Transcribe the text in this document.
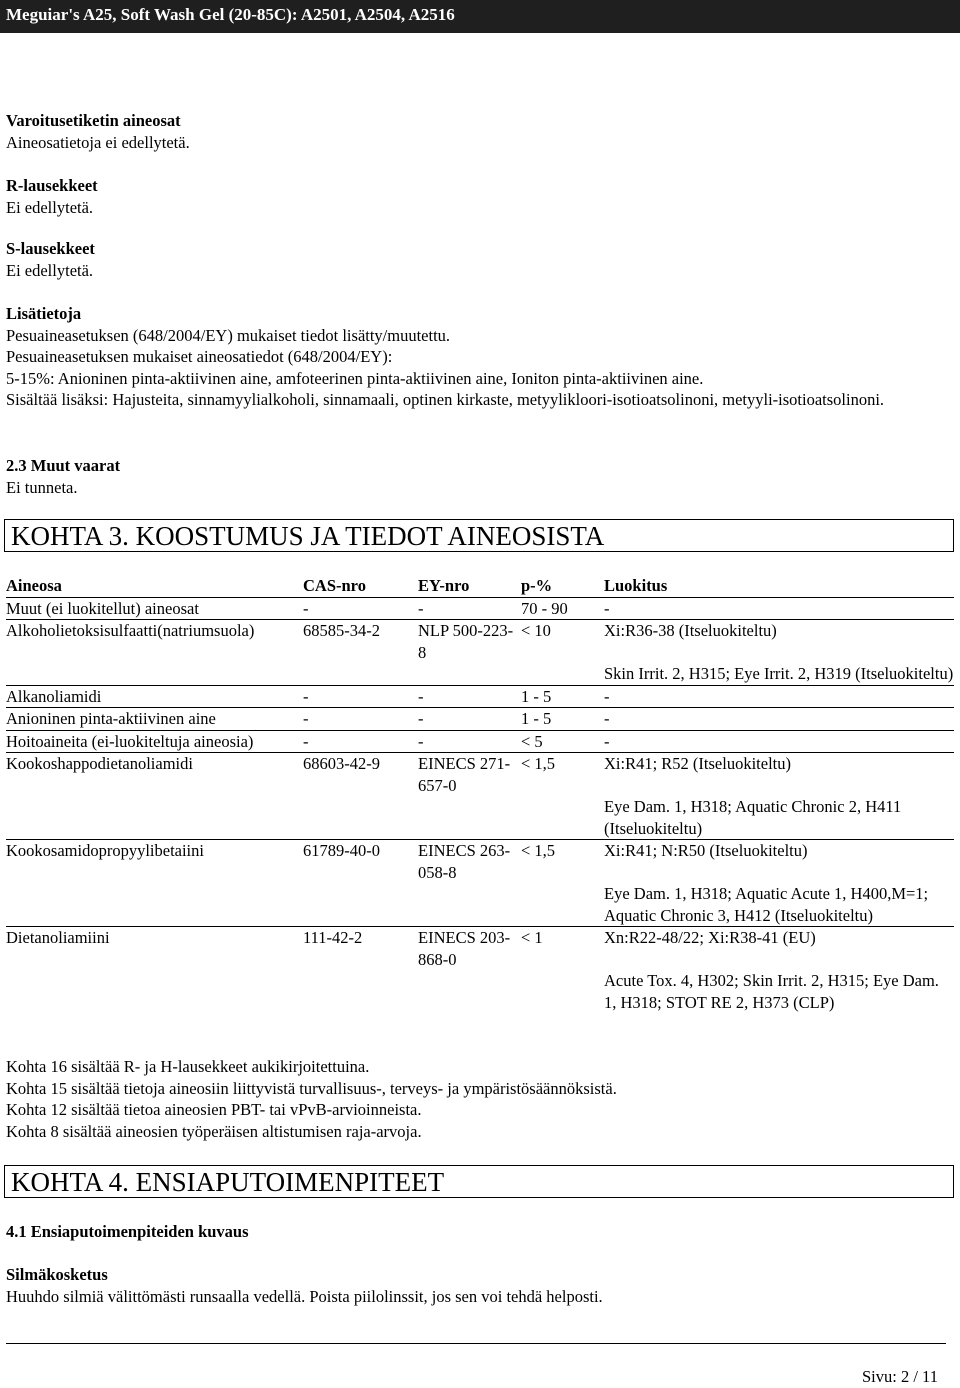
Meguiar's A25, Soft Wash Gel (20-85C): A2501, A2504, A2516

Varoitusetiketin aineosat

Aineosatietoja ei edellytetä.

R-lausekkeet

Ei edellytetä.

S-lausekkeet

Ei edellytetä.

Lisätietoja

Pesuaineasetuksen (648/2004/EY) mukaiset tiedot lisätty/muutettu.

Pesuaineasetuksen mukaiset aineosatiedot (648/2004/EY):

5-15%: Anioninen pinta-aktiivinen aine, amfoteerinen pinta-aktiivinen aine, Ioniton pinta-aktiivinen aine.

Sisältää lisäksi: Hajusteita, sinnamyylialkoholi, sinnamaali, optinen kirkaste, metyylikloori-isotioatsolinoni, metyyli-isotioatsolinoni.

2.3 Muut vaarat

Ei tunneta.

KOHTA 3. KOOSTUMUS JA TIEDOT AINEOSISTA
Aineosa	CAS-nro	EY-nro	p-%	Luokitus
Muut (ei luokitellut) aineosat	-	-	70 - 90	-
Alkoholietoksisulfaatti(natriumsuola)	68585-34-2	NLP 500-223-8	< 10	Xi:R36-38 (Itseluokiteltu)
Skin Irrit. 2, H315; Eye Irrit. 2, H319 (Itseluokiteltu)
Alkanoliamidi	-	-	1 - 5	-
Anioninen pinta-aktiivinen aine	-	-	1 - 5	-
Hoitoaineita (ei-luokiteltuja aineosia)	-	-	< 5	-
Kookoshappodietanoliamidi	68603-42-9	EINECS 271-657-0	< 1,5	Xi:R41; R52 (Itseluokiteltu)
Eye Dam. 1, H318; Aquatic Chronic 2, H411 (Itseluokiteltu)
Kookosamidopropyylibetaiini	61789-40-0	EINECS 263-058-8	< 1,5	Xi:R41; N:R50 (Itseluokiteltu)
Eye Dam. 1, H318; Aquatic Acute 1, H400,M=1; Aquatic Chronic 3, H412 (Itseluokiteltu)
Dietanoliamiini	111-42-2	EINECS 203-868-0	< 1	Xn:R22-48/22; Xi:R38-41 (EU)
Acute Tox. 4, H302; Skin Irrit. 2, H315; Eye Dam. 1, H318; STOT RE 2, H373 (CLP)

Kohta 16 sisältää R- ja H-lausekkeet aukikirjoitettuina.

Kohta 15 sisältää tietoja aineosiin liittyvistä turvallisuus-, terveys- ja ympäristösäännöksistä.

Kohta 12 sisältää tietoa aineosien PBT- tai vPvB-arvioinneista.

Kohta 8 sisältää aineosien työperäisen altistumisen raja-arvoja.

KOHTA 4. ENSIAPUTOIMENPITEET

4.1 Ensiaputoimenpiteiden kuvaus

Silmäkosketus

Huuhdo silmiä välittömästi runsaalla vedellä. Poista piilolinssit, jos sen voi tehdä helposti.

Sivu: 2 / 11
